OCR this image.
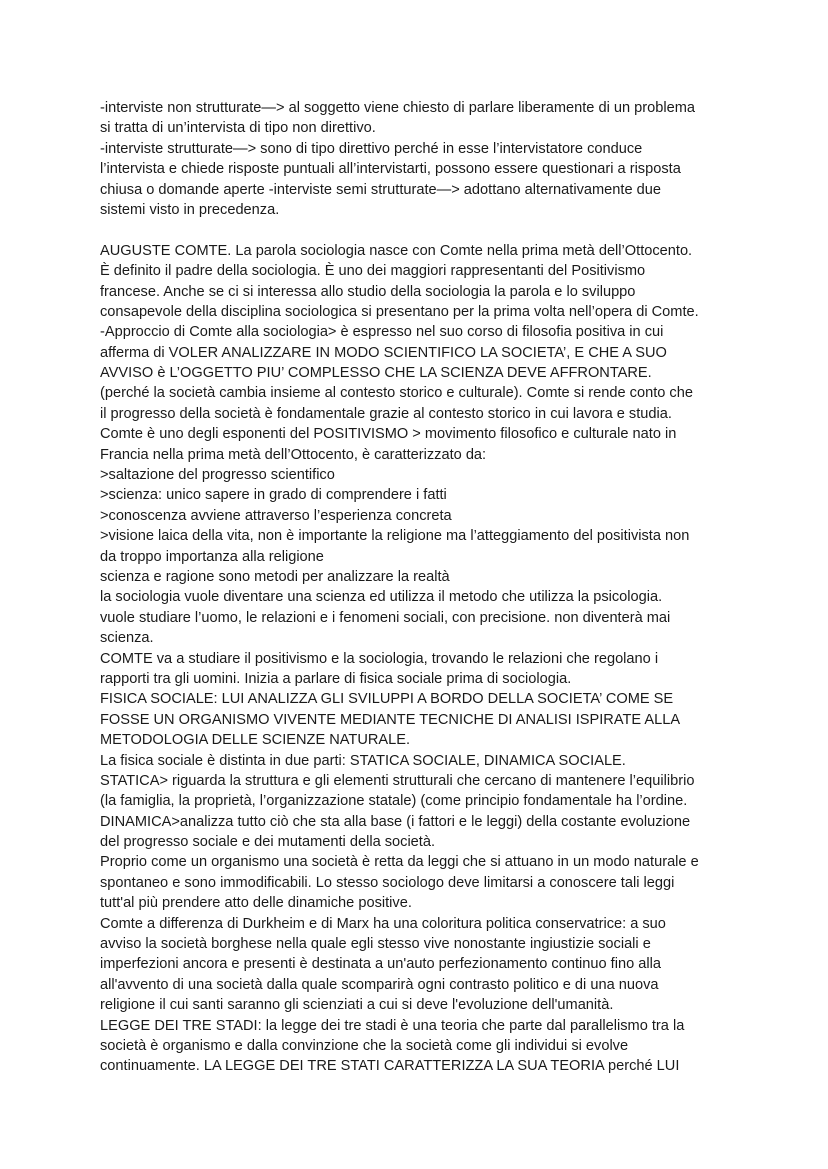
-interviste non strutturate—> al soggetto viene chiesto di parlare liberamente di un problema
si tratta di un’intervista di tipo non direttivo.
-interviste strutturate—> sono di tipo direttivo perché in esse l’intervistatore conduce
l’intervista e chiede risposte puntuali all’intervistarti, possono essere questionari a risposta
chiusa o domande aperte -interviste semi strutturate—> adottano alternativamente due
sistemi visto in precedenza.
AUGUSTE COMTE. La parola sociologia nasce con Comte nella prima metà dell’Ottocento.
È definito il padre della sociologia. È uno dei maggiori rappresentanti del Positivismo
francese. Anche se ci si interessa allo studio della sociologia la parola e lo sviluppo
consapevole della disciplina sociologica si presentano per la prima volta nell’opera di Comte.
-Approccio di Comte alla sociologia> è espresso nel suo corso di filosofia positiva in cui
afferma di VOLER ANALIZZARE IN MODO SCIENTIFICO LA SOCIETA’, E CHE A SUO
AVVISO è L’OGGETTO PIU’ COMPLESSO CHE LA SCIENZA DEVE AFFRONTARE.
(perché la società cambia insieme al contesto storico e culturale). Comte si rende conto che
il progresso della società è fondamentale grazie al contesto storico in cui lavora e studia.
Comte è uno degli esponenti del POSITIVISMO > movimento filosofico e culturale nato in
Francia nella prima metà dell’Ottocento, è caratterizzato da:
>saltazione del progresso scientifico
>scienza: unico sapere in grado di comprendere i fatti
>conoscenza avviene attraverso l’esperienza concreta
>visione laica della vita, non è importante la religione ma l’atteggiamento del positivista non
da troppo importanza alla religione
scienza e ragione sono metodi per analizzare la realtà
la sociologia vuole diventare una scienza ed utilizza il metodo che utilizza la psicologia.
vuole studiare l’uomo, le relazioni e i fenomeni sociali, con precisione. non diventerà mai
scienza.
COMTE va a studiare il positivismo e la sociologia, trovando le relazioni che regolano i
rapporti tra gli uomini. Inizia a parlare di fisica sociale prima di sociologia.
FISICA SOCIALE: LUI ANALIZZA GLI SVILUPPI A BORDO DELLA SOCIETA’ COME SE
FOSSE UN ORGANISMO VIVENTE MEDIANTE TECNICHE DI ANALISI ISPIRATE ALLA
METODOLOGIA DELLE SCIENZE NATURALE.
La fisica sociale è distinta in due parti: STATICA SOCIALE, DINAMICA SOCIALE.
STATICA> riguarda la struttura e gli elementi strutturali che cercano di mantenere l’equilibrio
(la famiglia, la proprietà, l’organizzazione statale) (come principio fondamentale ha l’ordine.
DINAMICA>analizza tutto ciò che sta alla base (i fattori e le leggi) della costante evoluzione
del progresso sociale e dei mutamenti della società.
Proprio come un organismo una società è retta da leggi che si attuano in un modo naturale e
spontaneo e sono immodificabili. Lo stesso sociologo deve limitarsi a conoscere tali leggi
tutt'al più prendere atto delle dinamiche positive.
Comte a differenza di Durkheim e di Marx ha una coloritura politica conservatrice: a suo
avviso la società borghese nella quale egli stesso vive nonostante ingiustizie sociali e
imperfezioni ancora e presenti è destinata a un'auto perfezionamento continuo fino alla
all'avvento di una società dalla quale scomparirà ogni contrasto politico e di una nuova
religione il cui santi saranno gli scienziati a cui si deve l'evoluzione dell'umanità.
LEGGE DEI TRE STADI: la legge dei tre stadi è una teoria che parte dal parallelismo tra la
società è organismo e dalla convinzione che la società come gli individui si evolve
continuamente. LA LEGGE DEI TRE STATI CARATTERIZZA LA SUA TEORIA perché LUI
